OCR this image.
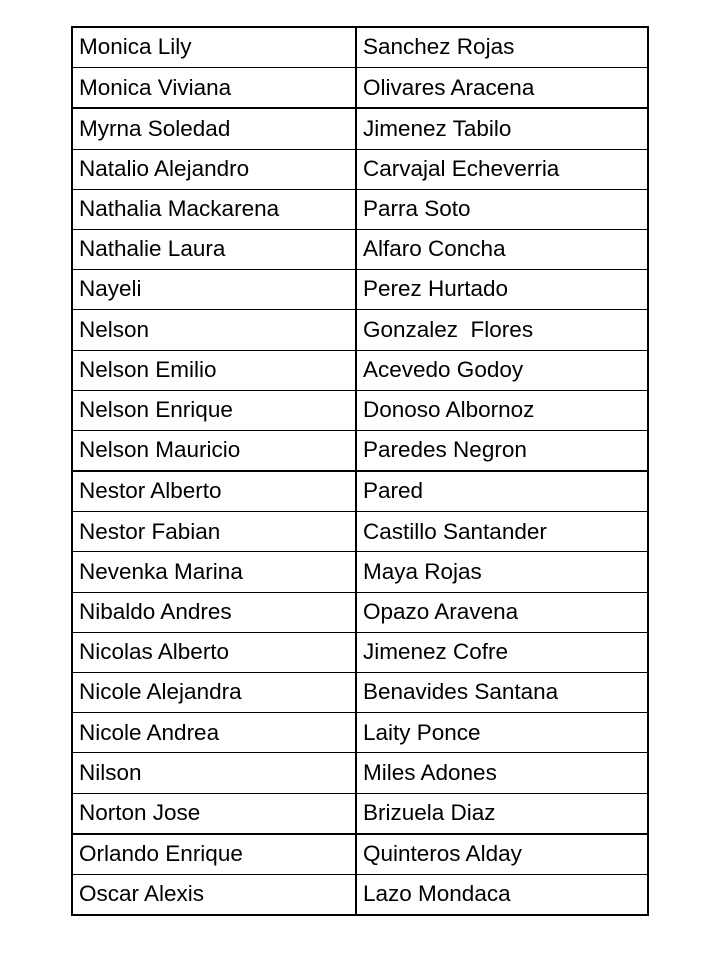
Monica Lily	Sanchez Rojas
Monica Viviana	Olivares Aracena
Myrna Soledad	Jimenez Tabilo
Natalio Alejandro	Carvajal Echeverria
Nathalia Mackarena	Parra Soto
Nathalie Laura	Alfaro Concha
Nayeli	Perez Hurtado
Nelson	Gonzalez  Flores
Nelson Emilio	Acevedo Godoy
Nelson Enrique	Donoso Albornoz
Nelson Mauricio	Paredes Negron
Nestor Alberto	Pared
Nestor Fabian	Castillo Santander
Nevenka Marina	Maya Rojas
Nibaldo Andres	Opazo Aravena
Nicolas Alberto	Jimenez Cofre
Nicole Alejandra	Benavides Santana
Nicole Andrea	Laity Ponce
Nilson	Miles Adones
Norton Jose	Brizuela Diaz
Orlando Enrique	Quinteros Alday
Oscar Alexis	Lazo Mondaca
